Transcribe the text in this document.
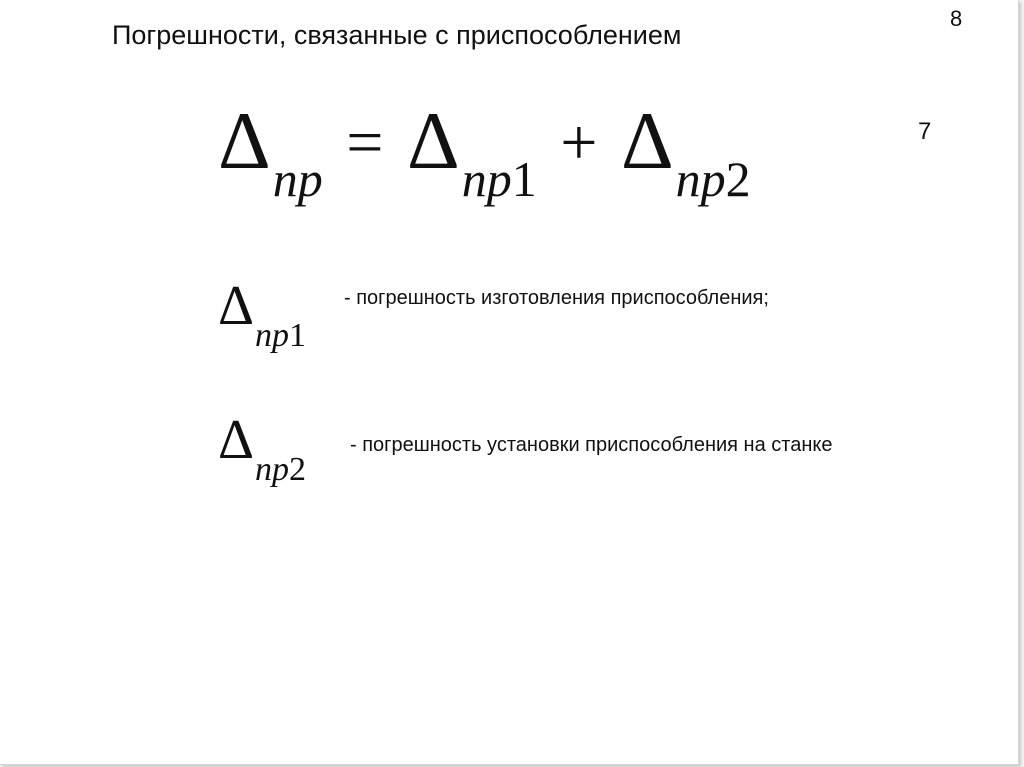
Погрешности, связанные с приспособлением
8
7
$\Delta_{пр} = \Delta_{пр1} + \Delta_{пр2}$
Δпр1
- погрешность изготовления приспособления;
Δпр2
- погрешность установки приспособления на станке
